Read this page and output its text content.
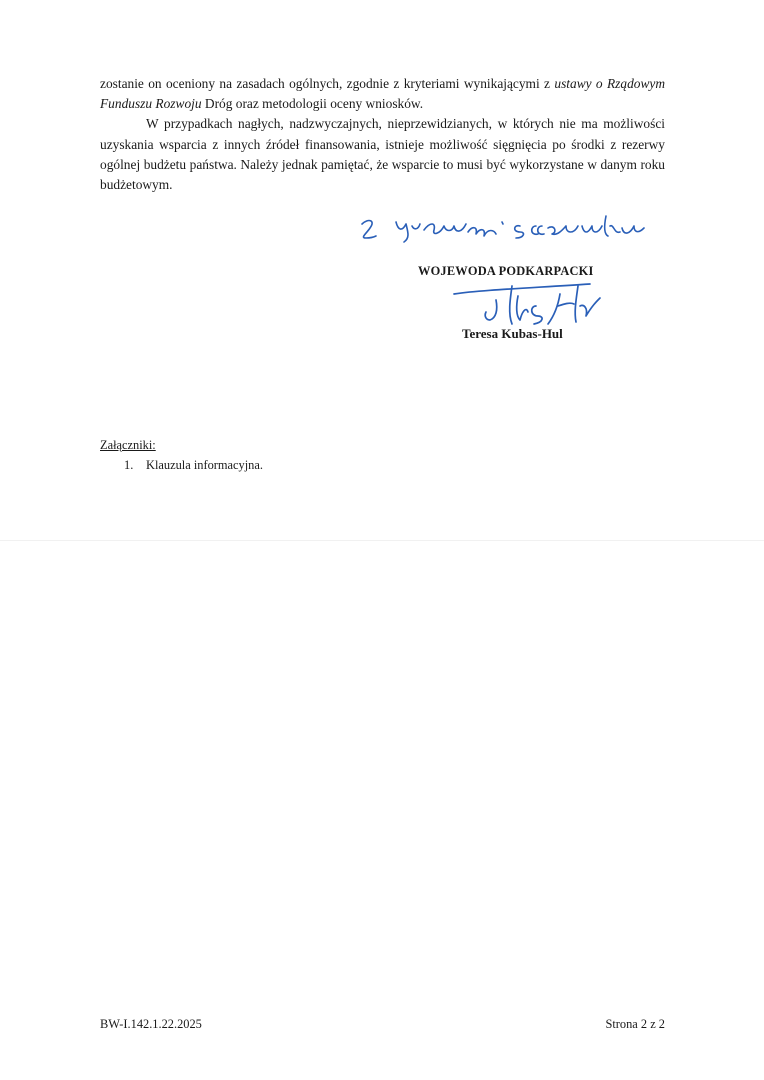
zostanie on oceniony na zasadach ogólnych, zgodnie z kryteriami wynikającymi z ustawy o Rządowym Funduszu Rozwoju Dróg oraz metodologii oceny wniosków.

W przypadkach nagłych, nadzwyczajnych, nieprzewidzianych, w których nie ma możliwości uzyskania wsparcia z innych źródeł finansowania, istnieje możliwość sięgnięcia po środki z rezerwy ogólnej budżetu państwa. Należy jednak pamiętać, że wsparcie to musi być wykorzystane w danym roku budżetowym.

WOJEWODA PODKARPACKI
Teresa Kubas-Hul
Załączniki:
1. Klauzula informacyjna.
BW-I.142.1.22.2025	Strona 2 z 2
